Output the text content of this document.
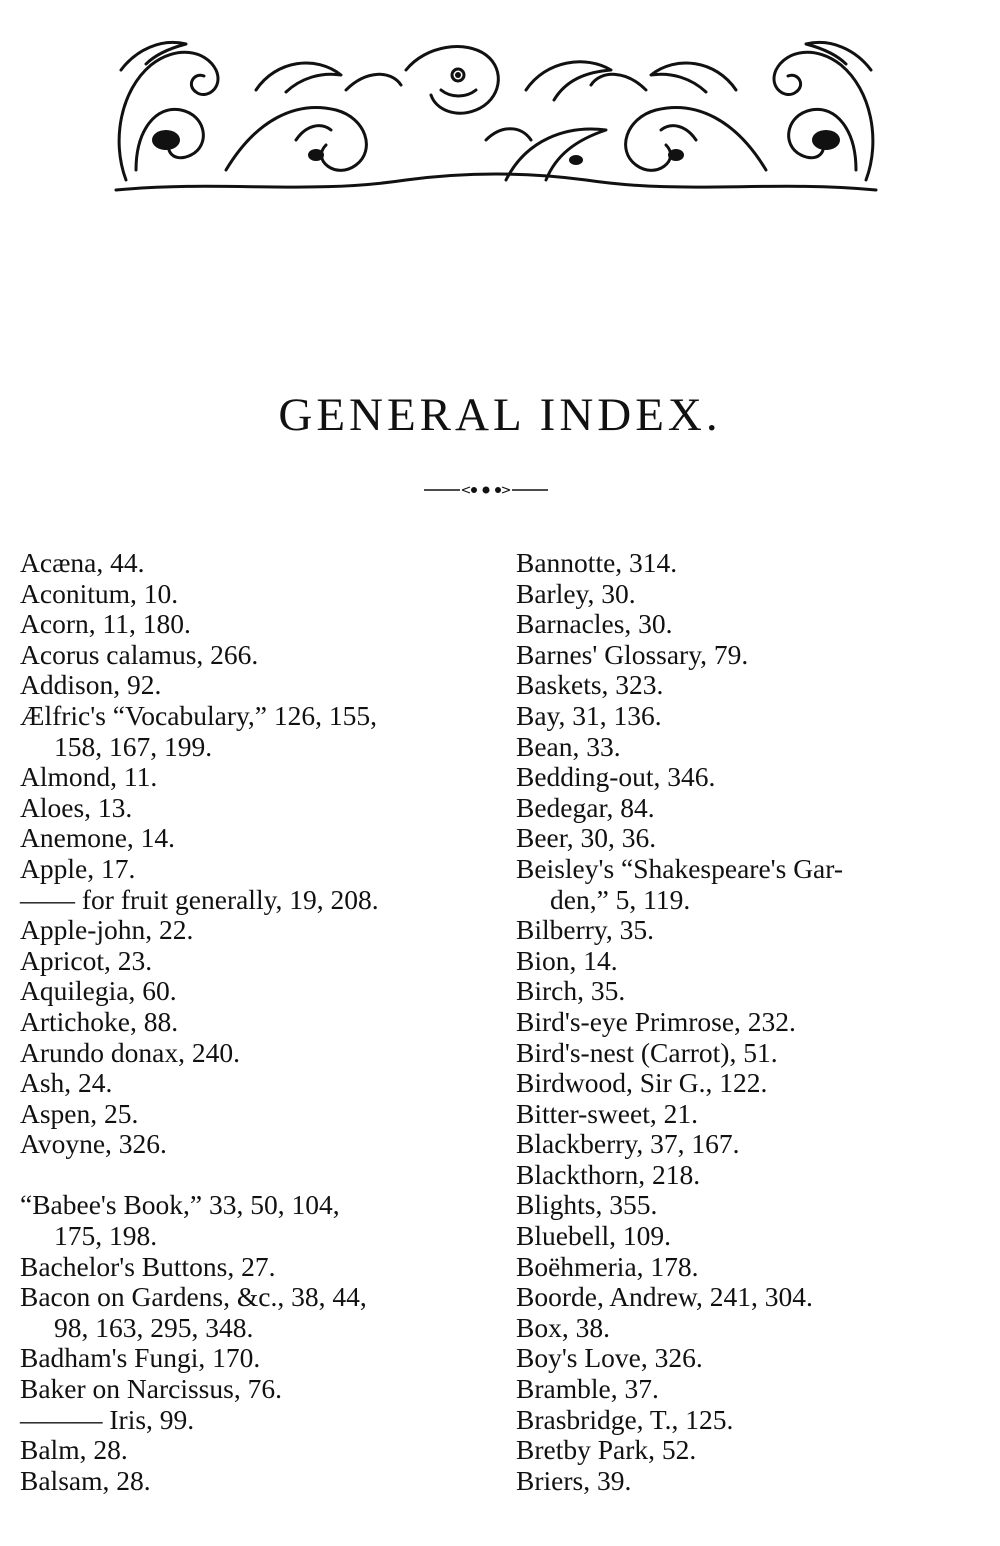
GENERAL INDEX.
Acæna, 44.
Aconitum, 10.
Acorn, 11, 180.
Acorus calamus, 266.
Addison, 92.
Ælfric's “Vocabulary,” 126, 155,
158, 167, 199.
Almond, 11.
Aloes, 13.
Anemone, 14.
Apple, 17.
—— for fruit generally, 19, 208.
Apple-john, 22.
Apricot, 23.
Aquilegia, 60.
Artichoke, 88.
Arundo donax, 240.
Ash, 24.
Aspen, 25.
Avoyne, 326.
“Babee's Book,” 33, 50, 104,
175, 198.
Bachelor's Buttons, 27.
Bacon on Gardens, &c., 38, 44,
98, 163, 295, 348.
Badham's Fungi, 170.
Baker on Narcissus, 76.
——— Iris, 99.
Balm, 28.
Balsam, 28.
Bannotte, 314.
Barley, 30.
Barnacles, 30.
Barnes' Glossary, 79.
Baskets, 323.
Bay, 31, 136.
Bean, 33.
Bedding-out, 346.
Bedegar, 84.
Beer, 30, 36.
Beisley's “Shakespeare's Gar-
den,” 5, 119.
Bilberry, 35.
Bion, 14.
Birch, 35.
Bird's-eye Primrose, 232.
Bird's-nest (Carrot), 51.
Birdwood, Sir G., 122.
Bitter-sweet, 21.
Blackberry, 37, 167.
Blackthorn, 218.
Blights, 355.
Bluebell, 109.
Boëhmeria, 178.
Boorde, Andrew, 241, 304.
Box, 38.
Boy's Love, 326.
Bramble, 37.
Brasbridge, T., 125.
Bretby Park, 52.
Briers, 39.
